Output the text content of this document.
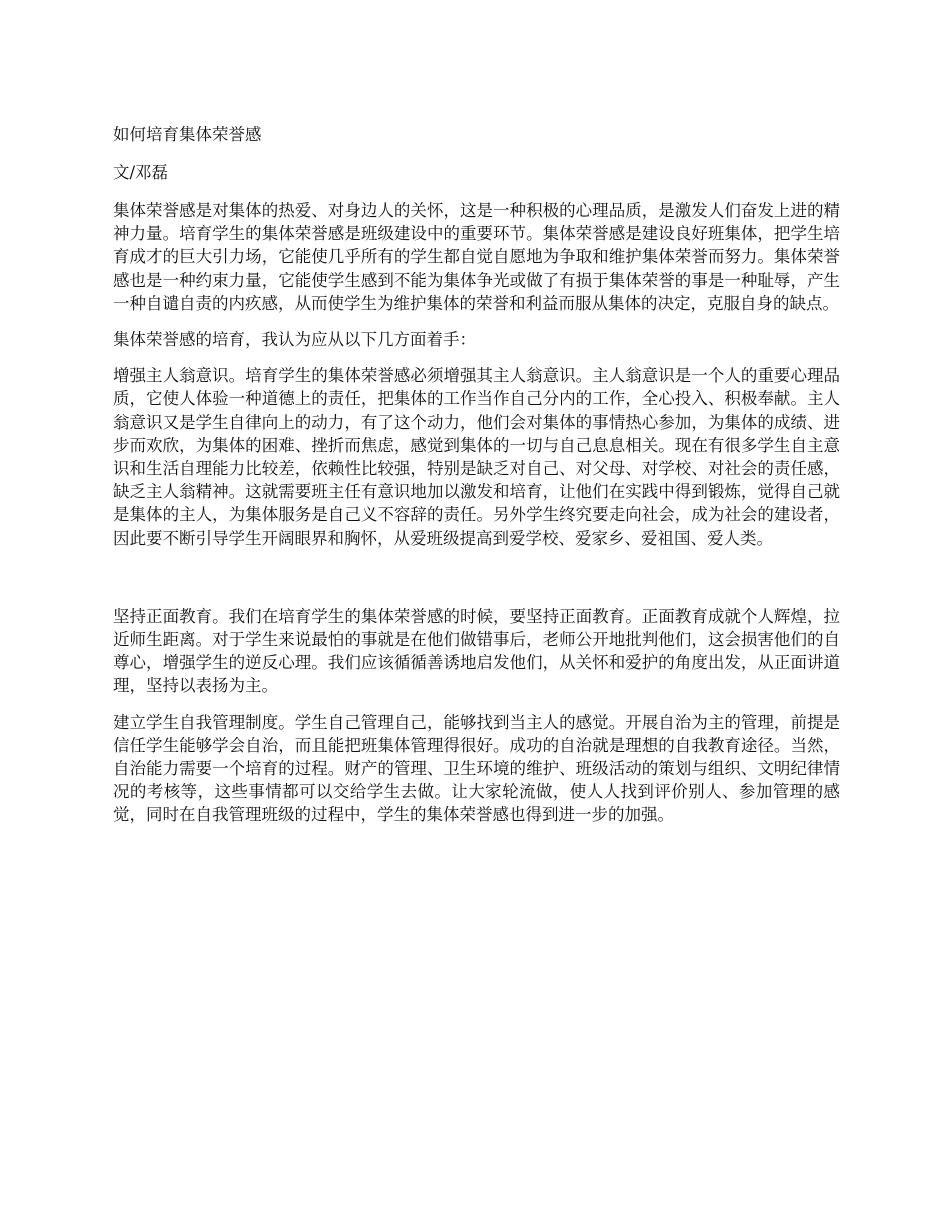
如何培育集体荣誉感
文/邓磊

集体荣誉感是对集体的热爱、对身边人的关怀，这是一种积极的心理品质，是激发人们奋发上进的精神力量。培育学生的集体荣誉感是班级建设中的重要环节。集体荣誉感是建设良好班集体，把学生培育成才的巨大引力场，它能使几乎所有的学生都自觉自愿地为争取和维护集体荣誉而努力。集体荣誉感也是一种约束力量，它能使学生感到不能为集体争光或做了有损于集体荣誉的事是一种耻辱，产生一种自谴自责的内疚感，从而使学生为维护集体的荣誉和利益而服从集体的决定，克服自身的缺点。

集体荣誉感的培育，我认为应从以下几方面着手：

增强主人翁意识。培育学生的集体荣誉感必须增强其主人翁意识。主人翁意识是一个人的重要心理品质，它使人体验一种道德上的责任，把集体的工作当作自己分内的工作，全心投入、积极奉献。主人翁意识又是学生自律向上的动力，有了这个动力，他们会对集体的事情热心参加，为集体的成绩、进步而欢欣，为集体的困难、挫折而焦虑，感觉到集体的一切与自己息息相关。现在有很多学生自主意识和生活自理能力比较差，依赖性比较强，特别是缺乏对自己、对父母、对学校、对社会的责任感，缺乏主人翁精神。这就需要班主任有意识地加以激发和培育，让他们在实践中得到锻炼，觉得自己就是集体的主人，为集体服务是自己义不容辞的责任。另外学生终究要走向社会，成为社会的建设者，因此要不断引导学生开阔眼界和胸怀，从爱班级提高到爱学校、爱家乡、爱祖国、爱人类。

坚持正面教育。我们在培育学生的集体荣誉感的时候，要坚持正面教育。正面教育成就个人辉煌，拉近师生距离。对于学生来说最怕的事就是在他们做错事后，老师公开地批判他们，这会损害他们的自尊心，增强学生的逆反心理。我们应该循循善诱地启发他们，从关怀和爱护的角度出发，从正面讲道理，坚持以表扬为主。

建立学生自我管理制度。学生自己管理自己，能够找到当主人的感觉。开展自治为主的管理，前提是信任学生能够学会自治，而且能把班集体管理得很好。成功的自治就是理想的自我教育途径。当然，自治能力需要一个培育的过程。财产的管理、卫生环境的维护、班级活动的策划与组织、文明纪律情况的考核等，这些事情都可以交给学生去做。让大家轮流做，使人人找到评价别人、参加管理的感觉，同时在自我管理班级的过程中，学生的集体荣誉感也得到进一步的加强。
